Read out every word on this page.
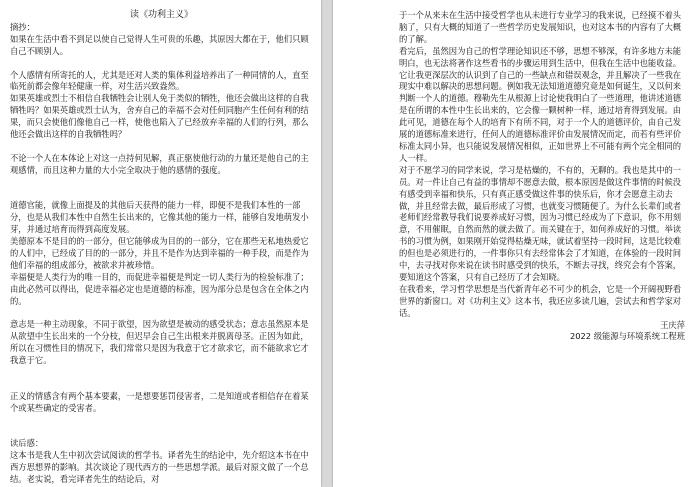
读《功利主义》
摘抄：
如果在生活中看不到足以使自己觉得人生可贵的乐趣，其原因大都在于，他们只顾自己不顾别人。
个人感情有所寄托的人，尤其是还对人类的集体利益培养出了一种同情的人，直至临死前都会像年轻健康一样，对生活兴致盎然。
如果英雄或烈士不相信自我牺牲会让别人免于类似的牺牲，他还会做出这样的自我牺牲吗？如果英雄或烈士认为，舍弃自己的幸福不会对任何同胞产生任何有利的结果，而只会使他们像他自己一样，使他也陷入了已经放弃幸福的人们的行列，那么他还会做出这样的自我牺牲吗？
不论一个人在本体论上对这一点持何见解，真正驱使他行动的力量还是他自己的主观感情，而且这种力量的大小完全取决于他的感情的强度。
道德官能，就像上面提及的其他后天获得的能力一样，即便不是我们本性的一部分，也是从我们本性中自然生长出来的，它像其他的能力一样，能够自发地萌发小芽，并通过培育而得到高度发展。
美德原本不是目的的一部分，但它能够成为目的的一部分，它在那些无私地热爱它的人们中，已经成了目的的一部分，并且不是作为达到幸福的一种手段，而是作为他们幸福的组成部分，被欲求并被珍惜。
幸福便是人类行为的唯一目的，而促进幸福便是判定一切人类行为的检验标准了；由此必然可以得出，促进幸福必定也是道德的标准，因为部分总是包含在全体之内的。
意志是一种主动现象，不同于欲望，因为欲望是被动的感受状态；意志虽然原本是从欲望中生长出来的一个分枝，但迟早会自己生出根来并脱离母茎。正因为如此，所以在习惯性目的情况下，我们常常只是因为我意于它才欲求它，而不能欲求它才我意于它。
正义的情感含有两个基本要素，一是想要惩罚侵害者，二是知道或者相信存在着某个或某些确定的受害者。
读后感：
这本书是我人生中初次尝试阅读的哲学书。译者先生的结论中，先介绍这本书在中西方思想界的影响。其次谈论了现代西方的一些思想学派。最后对原文做了一个总结。老实说，看完译者先生的结论后，对
于一个从来未在生活中接受哲学也从未进行专业学习的我来说，已经摸不着头脑了，只有大概的知道了一些哲学历史发展知识，也对这本书的内容有了大概的了解。
看完后，虽然因为自己的哲学理论知识还不够，思想不够深，有许多地方未能明白，也无法将著作这些看书的步骤运用到生活中，但我在生活中也能收益。它让我更深层次的认识到了自己的一些缺点和错误观念，并且解决了一些我在现实中难以解决的思想问题。例如我无法知道道德究竟是如何诞生，又以何来判断一个人的道德。穆勒先生从根源上讨论使我明白了一些道理，他讲述道德是在所谓的本性中生长出来的，它会像一颗树种一样，通过培育得到发展。由此可见，道德在每个人的培育下有所不同，对于一个人的道德评价，由自己发展的道德标准来进行，任何人的道德标准评价由发展情况而定，而若有些评价标准太同小异，也只能说发展情况相似，正如世界上不可能有两个完全相同的人一样。
对于不愿学习的同学来说，学习是枯燥的，不有的，无聊的。我也是其中的一员。对一件让自己有益的事情却不愿意去做，根本原因是做这件事情的时候没有感受到幸福和快乐，只有真正感受做这件事的快乐后，你才会愿意主动去做，并且经常去做，最后形成了习惯，也就变习惯随便了。为什么长辈们或者老师们经常教导我们说要养成好习惯，因为习惯已经成为了下意识，你不用刻意，不用催眠，自然而然的就去做了。而关键在于，如何养成好的习惯。举读书的习惯为例，如果刚开始觉得枯燥无味，就试着坚持一段时间，这是比较难的但也是必须进行的，一件事你只有去经常体会了才知道，在体验的一段时间中，去寻找对你来说在读书时感受到的快乐，不断去寻找，终究会有个答案，要知道这个答案，只有自己经历了才会知晓。
在我看来，学习哲学思想是当代新青年必不可少的机会，它是一个开阔视野看世界的新窗口。对《功利主义》这本书，我还应多读几遍，尝试去和哲学家对话。
王庆萍
2022 级能源与环境系统工程班
